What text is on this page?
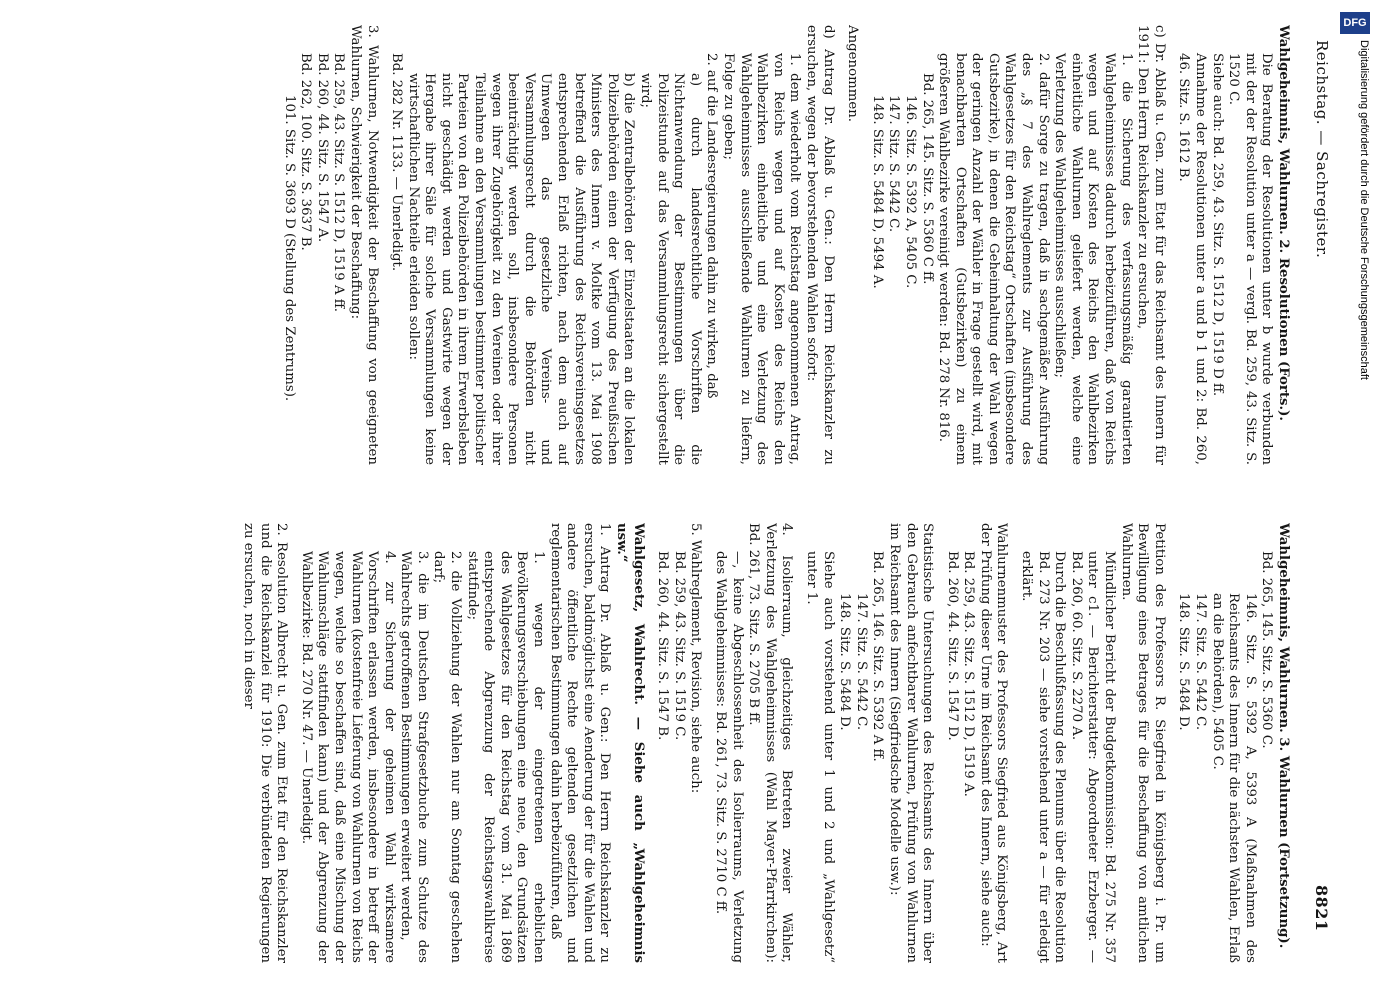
Reichstag. — Sachregister.
8821

Wahlgeheimnis, Wahlurnen. 2. Resolutionen (Forts.).

Die Beratung der Resolutionen unter b wurde verbunden mit der der Resolution unter a — vergl. Bd. 259, 43. Sitz. S. 1520 C.

Siehe auch: Bd. 259, 43. Sitz. S. 1512 D, 1519 D ff.

Annahme der Resolutionen unter a und b 1 und 2: Bd. 260, 46. Sitz. S. 1612 B.

c) Dr. Ablaß u. Gen. zum Etat für das Reichsamt des Innern für 1911: Den Herrn Reichskanzler zu ersuchen,

1. die Sicherung des verfassungsmäßig garantierten Wahlgeheimnisses dadurch herbeizuführen, daß von Reichs wegen und auf Kosten des Reichs den Wahlbezirken einheitliche Wahlurnen geliefert werden, welche eine Verletzung des Wahlgeheimnisses ausschließen;

2. dafür Sorge zu tragen, daß in sachgemäßer Ausführung des „§ 7 des Wahlreglements zur Ausführung des Wahlgesetzes für den Reichstag“ Ortschaften (insbesondere Gutsbezirke), in denen die Geheimhaltung der Wahl wegen der geringen Anzahl der Wähler in Frage gestellt wird, mit benachbarten Ortschaften (Gutsbezirken) zu einem größeren Wahlbezirke vereinigt werden: Bd. 278 Nr. 816.

Bd. 265, 145. Sitz. S. 5360 C ff.

146. Sitz. S. 5392 A, 5405 C.

147. Sitz. S. 5442 C.

148. Sitz. S. 5484 D, 5494 A.

Angenommen.

d) Antrag Dr. Ablaß u. Gen.: Den Herrn Reichskanzler zu ersuchen, wegen der bevorstehenden Wahlen sofort:

1. dem wiederholt vom Reichstag angenommenen Antrag, von Reichs wegen und auf Kosten des Reichs den Wahlbezirken einheitliche und eine Verletzung des Wahlgeheimnisses ausschließende Wahlurnen zu liefern, Folge zu geben;

2. auf die Landesregierungen dahin zu wirken, daß

a) durch landesrechtliche Vorschriften die Nichtanwendung der Bestimmungen über die Polizeistunde auf das Versammlungsrecht sichergestellt wird;

b) die Zentralbehörden der Einzelstaaten an die lokalen Polizeibehörden einen der Verfügung des Preußischen Ministers des Innern v. Moltke vom 13. Mai 1908 betreffend die Ausführung des Reichsvereinsgesetzes entsprechenden Erlaß richten, nach dem auch auf Umwegen das gesetzliche Vereins- und Versammlungsrecht durch die Behörden nicht beeinträchtigt werden soll, insbesondere Personen wegen ihrer Zugehörigkeit zu den Vereinen oder ihrer Teilnahme an den Versammlungen bestimmter politischer Parteien von den Polizeibehörden in ihrem Erwerbsleben nicht geschädigt werden und Gastwirte wegen der Hergabe ihrer Säle für solche Versammlungen keine wirtschaftlichen Nachteile erleiden sollen:

Bd. 282 Nr. 1133. — Unerledigt.

3. Wahlurnen, Notwendigkeit der Beschaffung von geeigneten Wahlurnen, Schwierigkeit der Beschaffung:

Bd. 259, 43. Sitz. S. 1512 D, 1519 A ff.

Bd. 260, 44. Sitz. S. 1547 A.

Bd. 262, 100. Sitz. S. 3637 B.

101. Sitz. S. 3693 D (Stellung des Zentrums).

Wahlgeheimnis, Wahlurnen. 3. Wahlurnen (Fortsetzung).

Bd. 265, 145. Sitz. S. 5360 C.

146. Sitz. S. 5392 A, 5393 A (Maßnahmen des Reichsamts des Innern für die nächsten Wahlen, Erlaß an die Behörden), 5405 C.

147. Sitz. S. 5442 C.

148. Sitz. S. 5484 D.

Petition des Professors R. Siegfried in Königsberg i. Pr. um Bewilligung eines Betrages für die Beschaffung von amtlichen Wahlurnen.

Mündlicher Bericht der Budgetkommission: Bd. 275 Nr. 357 unter c1. — Berichterstatter: Abgeordneter Erzberger. — Bd. 260, 60. Sitz. S. 2270 A.

Durch die Beschlußfassung des Plenums über die Resolution Bd. 273 Nr. 203 — siehe vorstehend unter a — für erledigt erklärt.

Wahlurnenmuster des Professors Siegfried aus Königsberg, Art der Prüfung dieser Urne im Reichsamt des Innern, siehe auch:

Bd. 259, 43. Sitz. S. 1512 D, 1519 A.

Bd. 260, 44. Sitz. S. 1547 D.

Statistische Untersuchungen des Reichsamts des Innern über den Gebrauch anfechtbarer Wahlurnen, Prüfung von Wahlurnen im Reichsamt des Innern (Siegfriedsche Modelle usw.):

Bd. 265, 146. Sitz. S. 5392 A ff.

147. Sitz. S. 5442 C.

148. Sitz. S. 5484 D.

Siehe auch vorstehend unter 1 und 2 und „Wahlgesetz“ unter 1.

4. Isolierraum, gleichzeitiges Betreten zweier Wähler, Verletzung des Wahlgeheimnisses (Wahl Mayer-Pfarrkirchen): Bd. 261, 73. Sitz. S. 2705 B ff.

—, keine Abgeschlossenheit des Isolierraums, Verletzung des Wahlgeheimnisses: Bd. 261, 73. Sitz. S. 2710 C ff.

5. Wahlreglement, Revision, siehe auch:

Bd. 259, 43. Sitz. S. 1519 C.

Bd. 260, 44. Sitz. S. 1547 B.

Wahlgesetz, Wahlrecht. — Siehe auch „Wahlgeheimnis usw.“

1. Antrag Dr. Ablaß u. Gen.: Den Herrn Reichskanzler zu ersuchen, baldmöglichst eine Aenderung der für die Wahlen und andere öffentliche Rechte geltenden gesetzlichen und reglementarischen Bestimmungen dahin herbeizuführen, daß

1. wegen der eingetretenen erheblichen Bevölkerungsverschiebungen eine neue, den Grundsätzen des Wahlgesetzes für den Reichstag vom 31. Mai 1869 entsprechende Abgrenzung der Reichstagswahlkreise stattfinde;

2. die Vollziehung der Wahlen nur am Sonntag geschehen darf;

3. die im Deutschen Strafgesetzbuche zum Schutze des Wahlrechts getroffenen Bestimmungen erweitert werden,

4. zur Sicherung der geheimen Wahl wirksamere Vorschriften erlassen werden, insbesondere in betreff der Wahlurnen (kostenfreie Lieferung von Wahlurnen von Reichs wegen, welche so beschaffen sind, daß eine Mischung der Wahlumschläge stattfinden kann) und der Abgrenzung der Wahlbezirke: Bd. 270 Nr. 47. — Unerledigt.

2. Resolution Albrecht u. Gen. zum Etat für den Reichskanzler und die Reichskanzlei für 1910: Die verbündeten Regierungen zu ersuchen, noch in dieser

DFG
Digitalisierung gefördert durch die Deutsche Forschungsgemeinschaft
